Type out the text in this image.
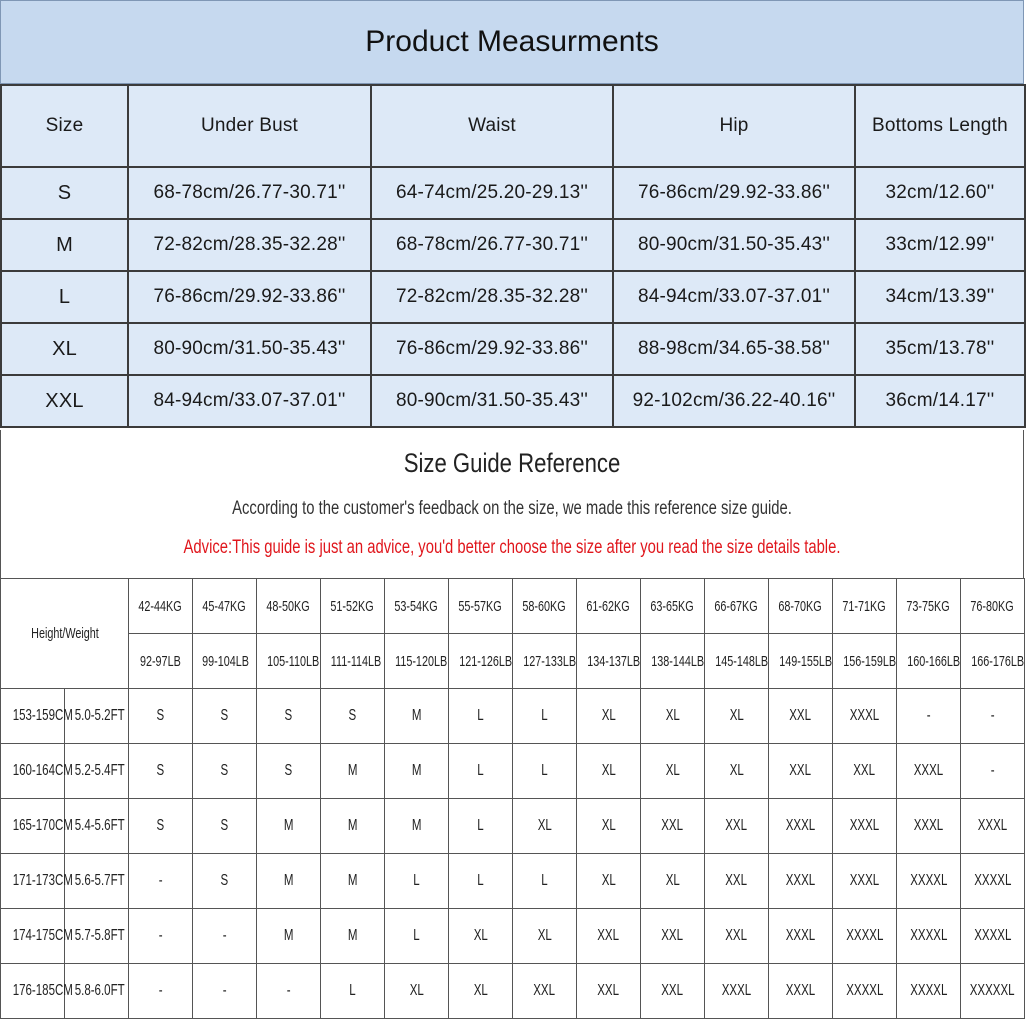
Product Measurments
Size	Under Bust	Waist	Hip	Bottoms Length
S	68-78cm/26.77-30.71''	64-74cm/25.20-29.13''	76-86cm/29.92-33.86''	32cm/12.60''
M	72-82cm/28.35-32.28''	68-78cm/26.77-30.71''	80-90cm/31.50-35.43''	33cm/12.99''
L	76-86cm/29.92-33.86''	72-82cm/28.35-32.28''	84-94cm/33.07-37.01''	34cm/13.39''
XL	80-90cm/31.50-35.43''	76-86cm/29.92-33.86''	88-98cm/34.65-38.58''	35cm/13.78''
XXL	84-94cm/33.07-37.01''	80-90cm/31.50-35.43''	92-102cm/36.22-40.16''	36cm/14.17''
Size Guide Reference
According to the customer's feedback on the size, we made this reference size guide.
Advice:This guide is just an advice, you'd better choose the size after you read the size details table.
Height/Weight		42-44KG	45-47KG	48-50KG	51-52KG	53-54KG	55-57KG	58-60KG	61-62KG	63-65KG	66-67KG	68-70KG	71-71KG	73-75KG	76-80KG
		92-97LB	99-104LB	105-110LB	111-114LB	115-120LB	121-126LB	127-133LB	134-137LB	138-144LB	145-148LB	149-155LB	156-159LB	160-166LB	166-176LB
153-159CM	5.0-5.2FT	S	S	S	S	M	L	L	XL	XL	XL	XXL	XXXL	-	-
160-164CM	5.2-5.4FT	S	S	S	M	M	L	L	XL	XL	XL	XXL	XXL	XXXL	-
165-170CM	5.4-5.6FT	S	S	M	M	M	L	XL	XL	XXL	XXL	XXXL	XXXL	XXXL	XXXL
171-173CM	5.6-5.7FT	-	S	M	M	L	L	L	XL	XL	XXL	XXXL	XXXL	XXXXL	XXXXL
174-175CM	5.7-5.8FT	-	-	M	M	L	XL	XL	XXL	XXL	XXL	XXXL	XXXXL	XXXXL	XXXXL
176-185CM	5.8-6.0FT	-	-	-	L	XL	XL	XXL	XXL	XXL	XXXL	XXXL	XXXXL	XXXXL	XXXXXL
